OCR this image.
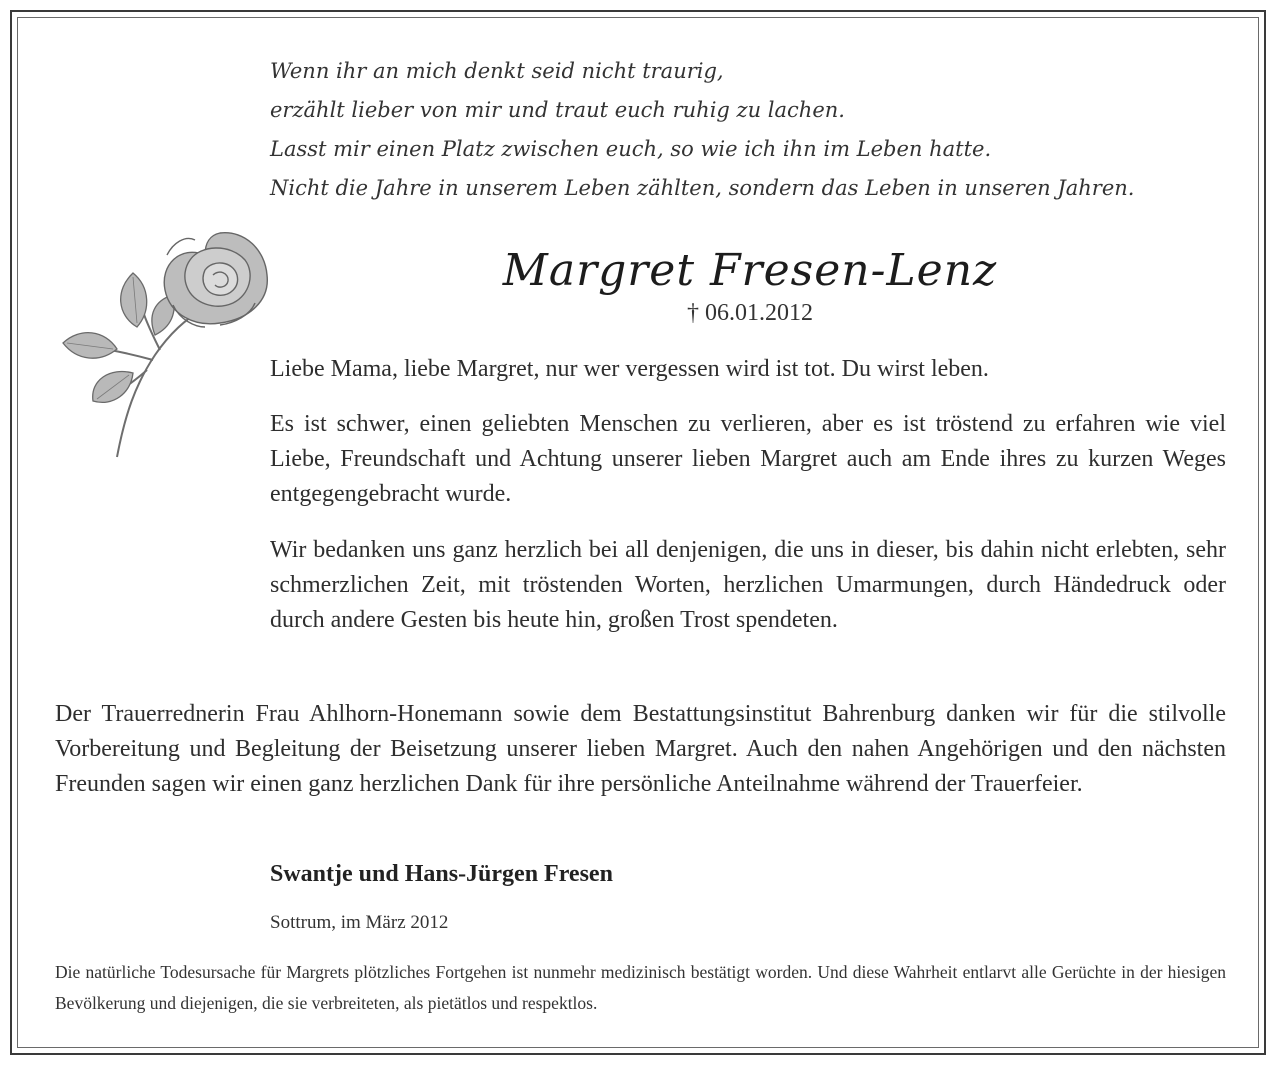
Wenn ihr an mich denkt seid nicht traurig,
erzählt lieber von mir und traut euch ruhig zu lachen.
Lasst mir einen Platz zwischen euch, so wie ich ihn im Leben hatte.
Nicht die Jahre in unserem Leben zählten, sondern das Leben in unseren Jahren.
Margret Fresen-Lenz
† 06.01.2012

Liebe Mama, liebe Margret, nur wer vergessen wird ist tot. Du wirst leben.

Es ist schwer, einen geliebten Menschen zu verlieren, aber es ist tröstend zu erfahren wie viel Liebe, Freundschaft und Achtung unserer lieben Margret auch am Ende ihres zu kurzen Weges entgegengebracht wurde.

Wir bedanken uns ganz herzlich bei all denjenigen, die uns in dieser, bis dahin nicht erlebten, sehr schmerzlichen Zeit, mit tröstenden Worten, herzlichen Umarmungen, durch Händedruck oder durch andere Gesten bis heute hin, großen Trost spendeten.

Der Trauerrednerin Frau Ahlhorn-Honemann sowie dem Bestattungsinstitut Bahrenburg danken wir für die stilvolle Vorbereitung und Begleitung der Beisetzung unserer lieben Margret. Auch den nahen Angehörigen und den nächsten Freunden sagen wir einen ganz herzlichen Dank für ihre persönliche Anteilnahme während der Trauerfeier.

Swantje und Hans-Jürgen Fresen
Sottrum, im März 2012

Die natürliche Todesursache für Margrets plötzliches Fortgehen ist nunmehr medizinisch bestätigt worden. Und diese Wahrheit entlarvt alle Gerüchte in der hiesigen Bevölkerung und diejenigen, die sie verbreiteten, als pietätlos und respektlos.
